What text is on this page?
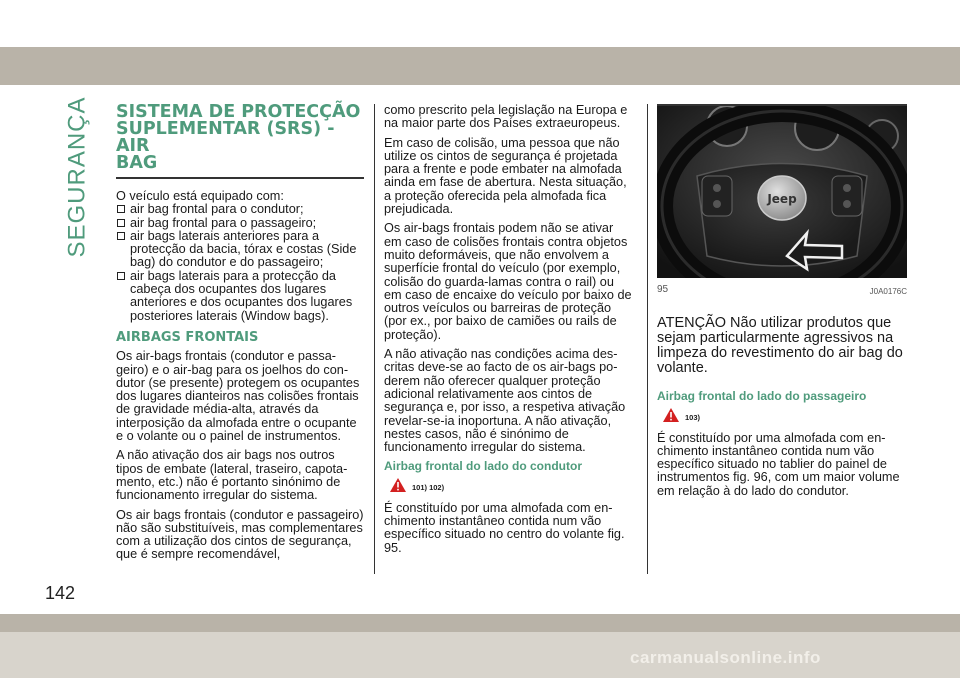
SEGURANÇA SISTEMA DE PROTECÇÃO
SUPLEMENTAR (SRS) - AIR
BAG
O veículo está equipado com:
air bag frontal para o condutor;
air bag frontal para o passageiro;
air bags laterais anteriores para a protecção da bacia, tórax e costas (Side bag) do condutor e do passageiro;
air bags laterais para a protecção da cabeça dos ocupantes dos lugares anteriores e dos ocupantes dos lugares posteriores laterais (Window bags).
AIRBAGS FRONTAIS

Os air-bags frontais (condutor e passageiro) e o air-bag para os joelhos do condutor (se presente) protegem os ocupantes dos lugares dianteiros nas colisões frontais de gravidade média-alta, através da interposição da almofada entre o ocupante e o volante ou o painel de instrumentos.

A não ativação dos air bags nos outros tipos de embate (lateral, traseiro, capotamento, etc.) não é portanto sinónimo de funcionamento irregular do sistema.

Os air bags frontais (condutor e passageiro) não são substituíveis, mas complementares com a utilização dos cintos de segurança, que é sempre recomendável,

como prescrito pela legislação na Europa e na maior parte dos Países extraeuropeus.

Em caso de colisão, uma pessoa que não utilize os cintos de segurança é projetada para a frente e pode embater na almofada ainda em fase de abertura. Nesta situação, a proteção oferecida pela almofada fica prejudicada.

Os air-bags frontais podem não se ativar em caso de colisões frontais contra objetos muito deformáveis, que não envolvem a superfície frontal do veículo (por exemplo, colisão do guarda-lamas contra o rail) ou em caso de encaixe do veículo por baixo de outros veículos ou barreiras de proteção (por ex., por baixo de camiões ou rails de proteção).

A não ativação nas condições acima descritas deve-se ao facto de os air-bags poderem não oferecer qualquer proteção adicional relativamente aos cintos de segurança e, por isso, a respetiva ativação revelar-se-ia inoportuna. A não ativação, nestes casos, não é sinónimo de funcionamento irregular do sistema.

Airbag frontal do lado do condutor
101) 102)

É constituído por uma almofada com enchimento instantâneo contida num vão específico situado no centro do volante fig. 95.

Jeep
95	J0A0176C
ATENÇÃO Não utilizar produtos que sejam particularmente agressivos na limpeza do revestimento do air bag do volante.
Airbag frontal do lado do passageiro
103)

É constituído por uma almofada com enchimento instantâneo contida num vão específico situado no tablier do painel de instrumentos fig. 96, com um maior volume em relação à do lado do condutor.

142
carmanualsonline.info
